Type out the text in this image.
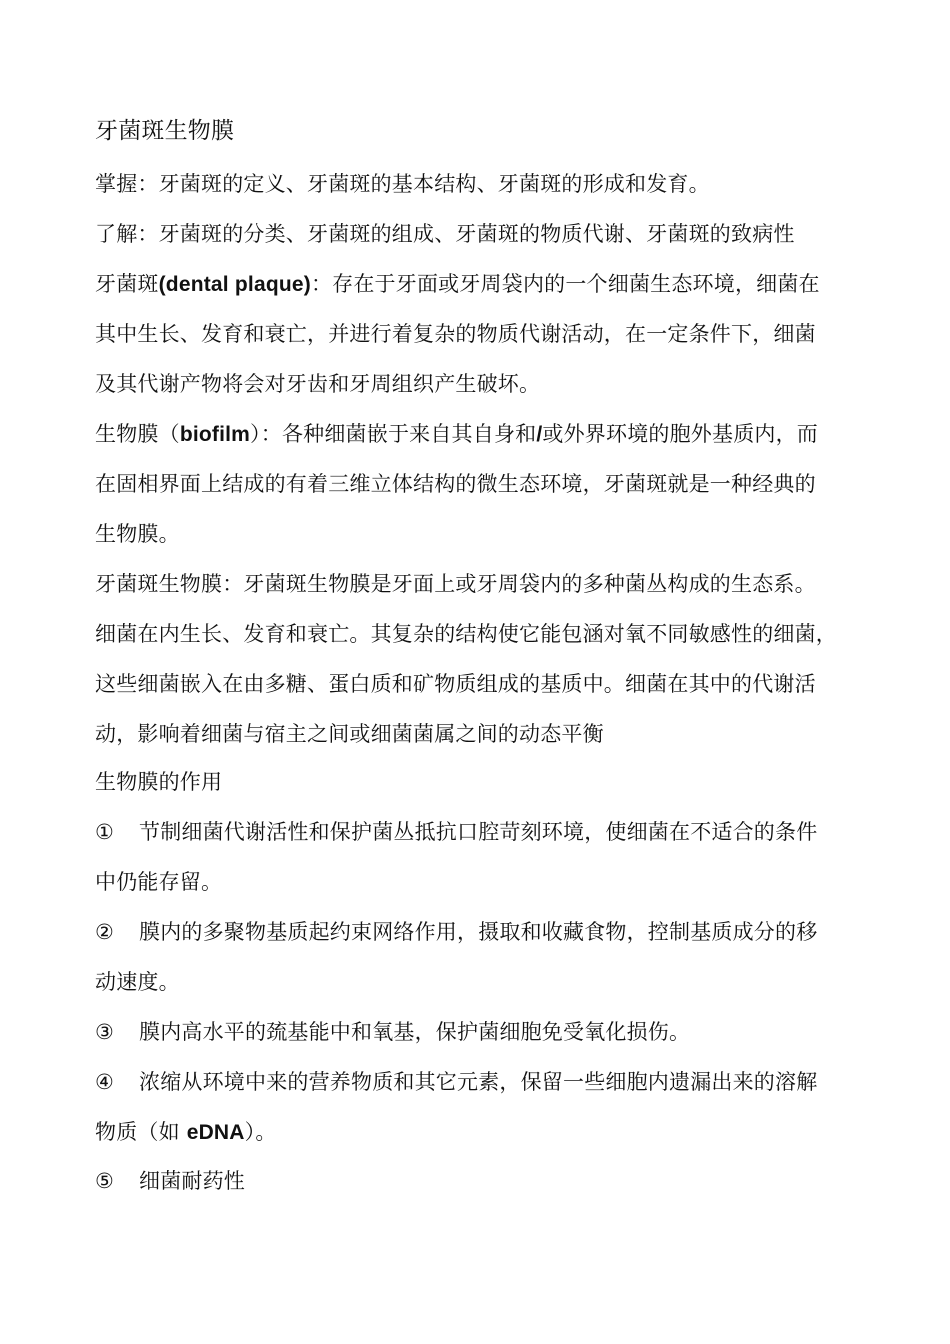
牙菌斑生物膜
掌握：牙菌斑的定义、牙菌斑的基本结构、牙菌斑的形成和发育。
了解：牙菌斑的分类、牙菌斑的组成、牙菌斑的物质代谢、牙菌斑的致病性
牙菌斑(dental plaque)：存在于牙面或牙周袋内的一个细菌生态环境，细菌在
其中生长、发育和衰亡，并进行着复杂的物质代谢活动，在一定条件下，细菌
及其代谢产物将会对牙齿和牙周组织产生破坏。
生物膜（biofilm）：各种细菌嵌于来自其自身和/或外界环境的胞外基质内，而
在固相界面上结成的有着三维立体结构的微生态环境，牙菌斑就是一种经典的
生物膜。
牙菌斑生物膜：牙菌斑生物膜是牙面上或牙周袋内的多种菌丛构成的生态系。
细菌在内生长、发育和衰亡。其复杂的结构使它能包涵对氧不同敏感性的细菌，
这些细菌嵌入在由多糖、蛋白质和矿物质组成的基质中。细菌在其中的代谢活
动，影响着细菌与宿主之间或细菌菌属之间的动态平衡
生物膜的作用
① 节制细菌代谢活性和保护菌丛抵抗口腔苛刻环境，使细菌在不适合的条件
中仍能存留。
② 膜内的多聚物基质起约束网络作用，摄取和收藏食物，控制基质成分的移
动速度。
③ 膜内高水平的巯基能中和氧基，保护菌细胞免受氧化损伤。
④ 浓缩从环境中来的营养物质和其它元素，保留一些细胞内遗漏出来的溶解
物质（如 eDNA）。
⑤ 细菌耐药性
